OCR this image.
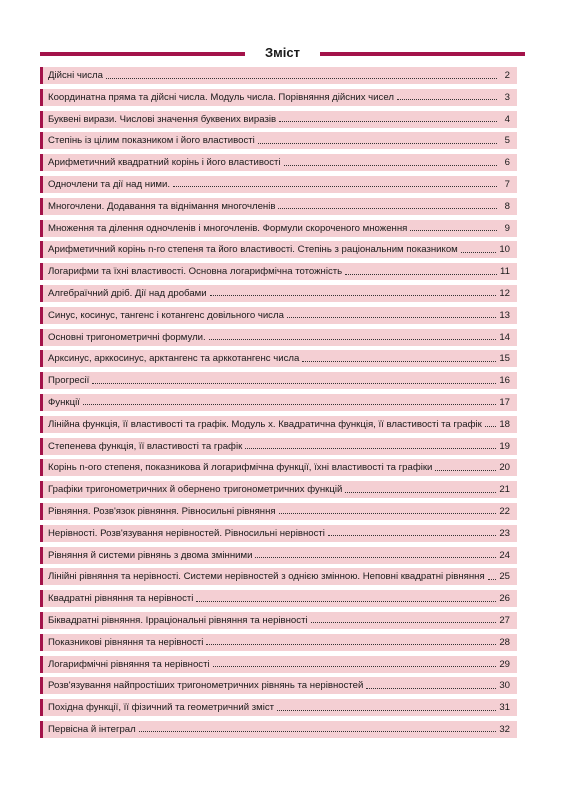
Зміст
Дійсні числа	2
Координатна пряма та дійсні числа. Модуль числа. Порівняння дійсних чисел	3
Буквені вирази. Числові значення буквених виразів	4
Степінь із цілим показником і його властивості	5
Арифметичний квадратний корінь і його властивості	6
Одночлени та дії над ними.	7
Многочлени. Додавання та віднімання многочленів	8
Множення та ділення одночленів і многочленів. Формули скороченого множення	9
Арифметичний корінь n-го степеня та його властивості. Степінь з раціональним показником	10
Логарифми та їхні властивості. Основна логарифмічна тотожність	11
Алгебраїчний дріб. Дії над дробами	12
Синус, косинус, тангенс і котангенс довільного числа	13
Основні тригонометричні формули.	14
Арксинус, арккосинус, арктангенс та арккотангенс числа	15
Прогресії	16
Функції	17
Лінійна функція, її властивості та графік. Модуль x. Квадратична функція, її властивості та графік 18
Степенева функція, її властивості та графік	19
Корінь n-ого степеня, показникова й логарифмічна функції, їхні властивості та графіки	20
Графіки тригонометричних й обернено тригонометричних функцій	21
Рівняння. Розв'язок рівняння. Рівносильні рівняння	22
Нерівності. Розв'язування нерівностей. Рівносильні нерівності	23
Рівняння й системи рівнянь з двома змінними	24
Лінійні рівняння та нерівності. Системи нерівностей з однією змінною. Неповні квадратні рівняння 25
Квадратні рівняння та нерівності	26
Біквадратні рівняння. Ірраціональні рівняння та нерівності	27
Показникові рівняння та нерівності	28
Логарифмічні рівняння та нерівності	29
Розв'язування найпростіших тригонометричних рівнянь та нерівностей	30
Похідна функції, її фізичний та геометричний зміст	31
Первісна й інтеграл	32
